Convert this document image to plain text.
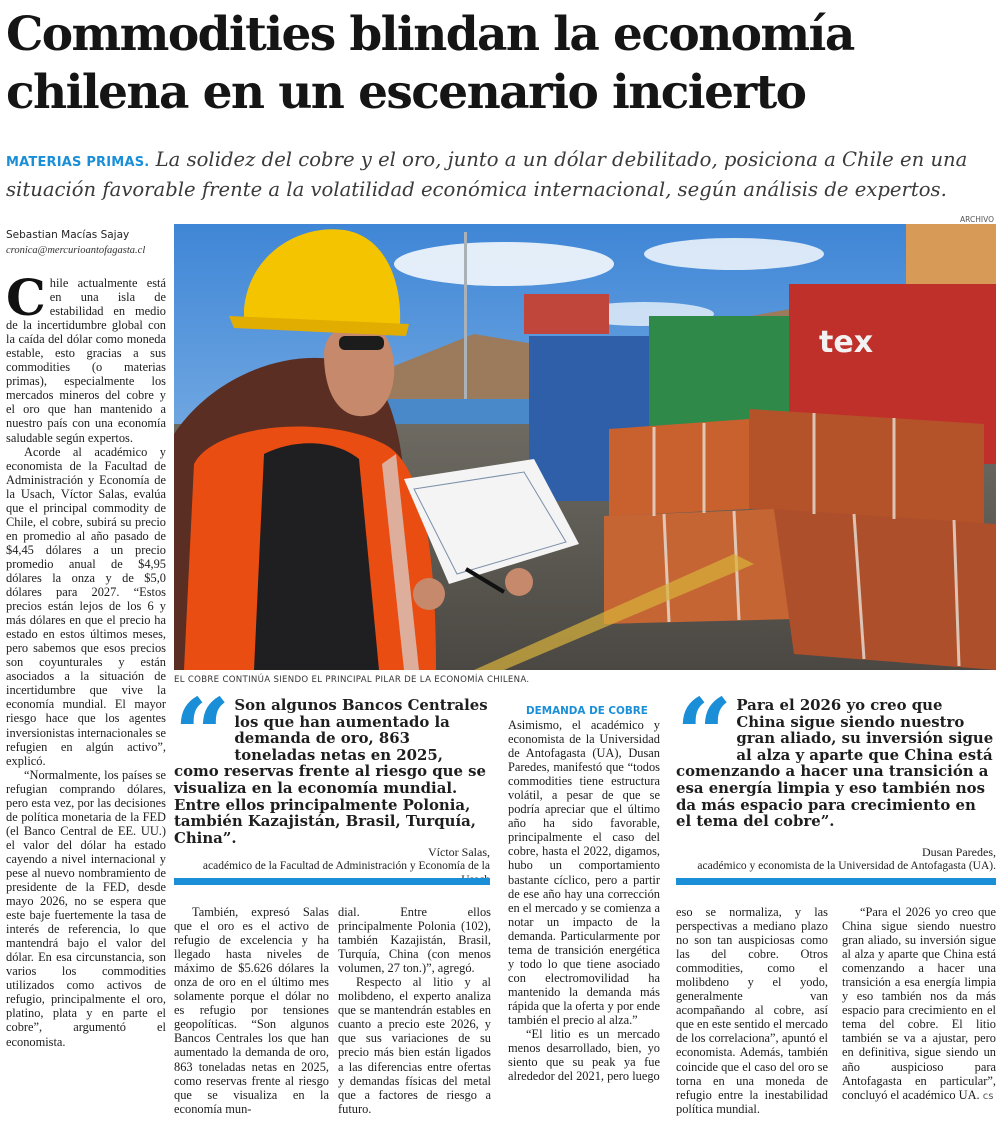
Commodities blindan la economía
chilena en un escenario incierto
MATERIAS PRIMAS. La solidez del cobre y el oro, junto a un dólar debilitado, posiciona a Chile en una situación favorable frente a la volatilidad económica internacional, según análisis de expertos.
Sebastian Macías Sajay
cronica@mercurioantofagasta.cl

Chile actualmente está en una isla de estabilidad en medio de la incertidumbre global con la caída del dólar como moneda estable, esto gracias a sus commodities (o materias primas), especialmente los mercados mineros del cobre y el oro que han mantenido a nuestro país con una economía saludable según expertos.

Acorde al académico y economista de la Facultad de Administración y Economía de la Usach, Víctor Salas, evalúa que el principal commodity de Chile, el cobre, subirá su precio en promedio al año pasado de $4,45 dólares a un precio promedio anual de $4,95 dólares la onza y de $5,0 dólares para 2027. “Estos precios están lejos de los 6 y más dólares en que el precio ha estado en estos últimos meses, pero sabemos que esos precios son coyunturales y están asociados a la situación de incertidumbre que vive la economía mundial. El mayor riesgo hace que los agentes inversionistas internacionales se refugien en algún activo”, explicó.

“Normalmente, los países se refugian comprando dólares, pero esta vez, por las decisiones de política monetaria de la FED (el Banco Central de EE. UU.) el valor del dólar ha estado cayendo a nivel internacional y pese al nuevo nombramiento de presidente de la FED, desde mayo 2026, no se espera que este baje fuertemente la tasa de interés de referencia, lo que mantendrá bajo el valor del dólar. En esa circunstancia, son varios los commodities utilizados como activos de refugio, principalmente el oro, platino, plata y en parte el cobre”, argumentó el economista.

ARCHIVO
tex
EL COBRE CONTINÚA SIENDO EL PRINCIPAL PILAR DE LA ECONOMÍA CHILENA.
“ Son algunos Bancos Centrales los que han aumentado la demanda de oro, 863 toneladas netas en 2025, como reservas frente al riesgo que se visualiza en la economía mundial. Entre ellos principalmente Polonia, también Kazajistán, Brasil, Turquía, China”.
Víctor Salas,
académico de la Facultad de Administración y Economía de la

También, expresó Salas que el oro es el activo de refugio de excelencia y ha llegado hasta niveles de máximo de $5.626 dólares la onza de oro en el último mes solamente porque el dólar no es refugio por tensiones geopolíticas. “Son algunos Bancos Centrales los que han aumentado la demanda de oro, 863 toneladas netas en 2025, como reservas frente al riesgo que se visualiza en la economía mun-

dial. Entre ellos principalmente Polonia (102), también Kazajistán, Brasil, Turquía, China (con menos volumen, 27 ton.)”, agregó.

Respecto al litio y al molibdeno, el experto analiza que se mantendrán estables en cuanto a precio este 2026, y que sus variaciones de su precio más bien están ligados a las diferencias entre ofertas y demandas físicas del metal que a factores de riesgo a futuro.

DEMANDA DE COBRE

Asimismo, el académico y economista de la Universidad de Antofagasta (UA), Dusan Paredes, manifestó que “todos commodities tiene estructura volátil, a pesar de que se podría apreciar que el último año ha sido favorable, principalmente el caso del cobre, hasta el 2022, digamos, hubo un comportamiento bastante cíclico, pero a partir de ese año hay una corrección en el mercado y se comienza a notar un impacto de la demanda. Particularmente por tema de transición energética y todo lo que tiene asociado con electromovilidad ha mantenido la demanda más rápida que la oferta y por ende también el precio al alza.”

“El litio es un mercado menos desarrollado, bien, yo siento que su peak ya fue alrededor del 2021, pero luego

“ Para el 2026 yo creo que China sigue siendo nuestro gran aliado, su inversión sigue al alza y aparte que China está comenzando a hacer una transición a esa energía limpia y eso también nos da más espacio para crecimiento en el tema del cobre”.
Dusan Paredes,
académico y economista de la Universidad de Antofagasta (UA).

eso se normaliza, y las perspectivas a mediano plazo no son tan auspiciosas como las del cobre. Otros commodities, como el molibdeno y el yodo, generalmente van acompañando al cobre, así que en este sentido el mercado de los correlaciona”, apuntó el economista. Además, también coincide que el caso del oro se torna en una moneda de refugio entre la inestabilidad política mundial.

“Para el 2026 yo creo que China sigue siendo nuestro gran aliado, su inversión sigue al alza y aparte que China está comenzando a hacer una transición a esa energía limpia y eso también nos da más espacio para crecimiento en el tema del cobre. El litio también se va a ajustar, pero en definitiva, sigue siendo un año auspicioso para Antofagasta en particular”, concluyó el académico UA. cs
